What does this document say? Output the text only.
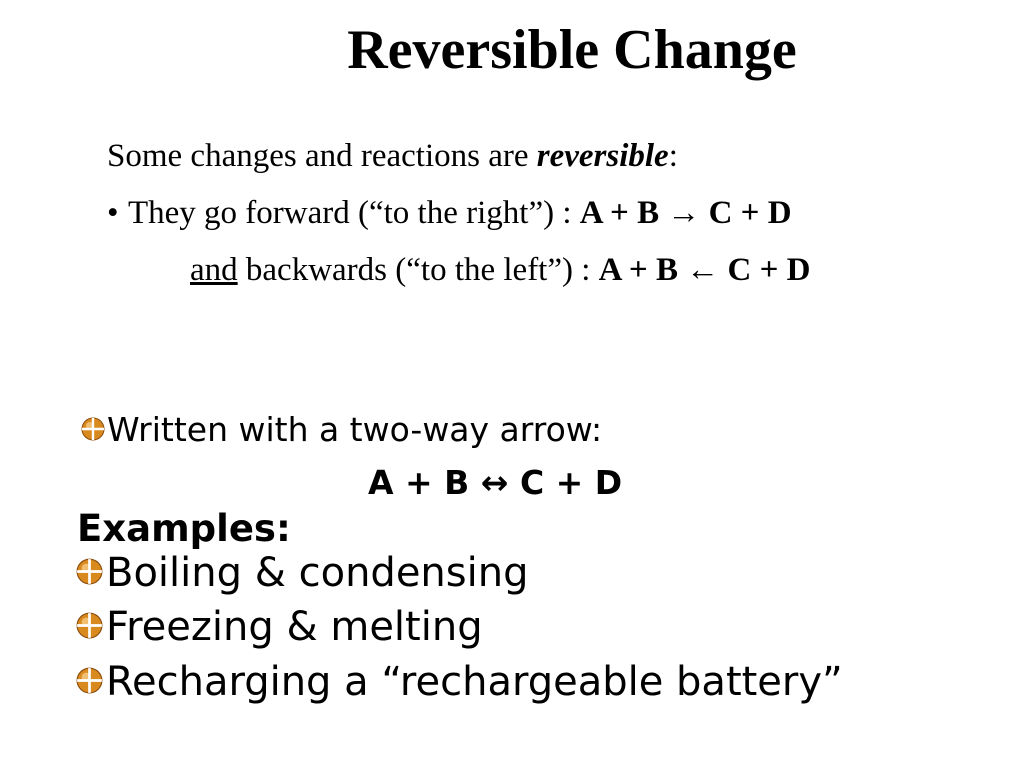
Reversible Change
Some changes and reactions are reversible:
• They go forward (“to the right”) : A + B → C + D
and backwards (“to the left”) : A + B ← C + D
Written with a two-way arrow:
A + B ↔ C + D
Examples:
Boiling & condensing
Freezing & melting
Recharging a “rechargeable battery”
